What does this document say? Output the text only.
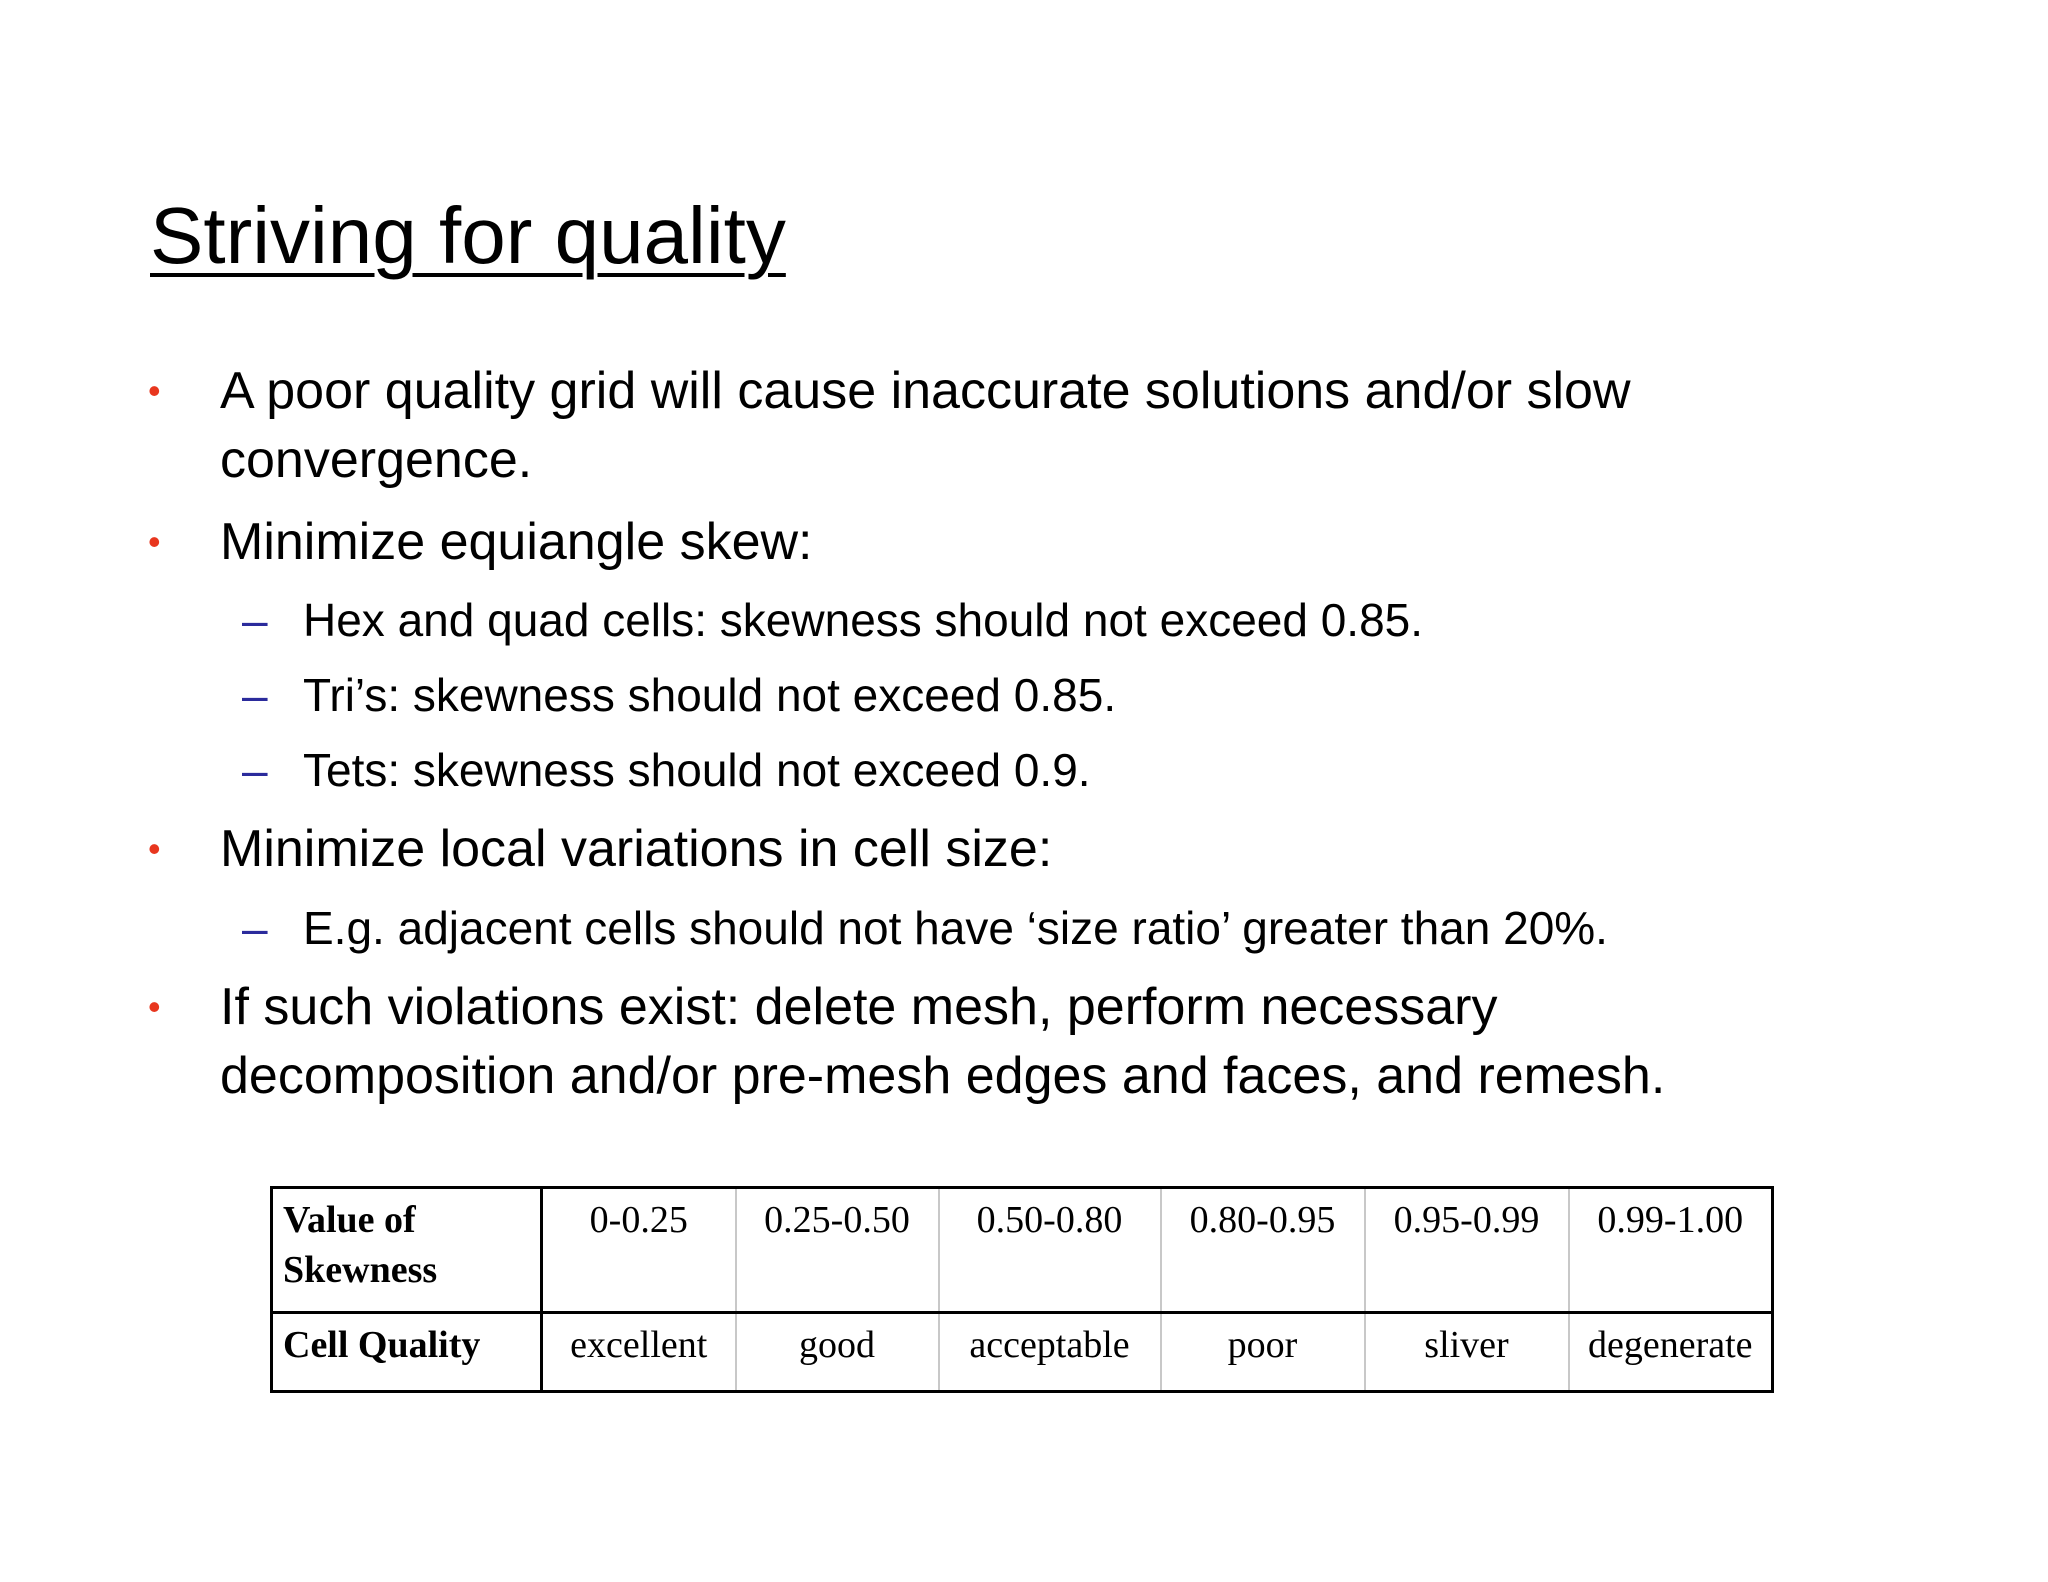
Striving for quality
• A poor quality grid will cause inaccurate solutions and/or slow
convergence.
• Minimize equiangle skew:
– Hex and quad cells: skewness should not exceed 0.85.
– Tri’s: skewness should not exceed 0.85.
– Tets: skewness should not exceed 0.9.
• Minimize local variations in cell size:
– E.g. adjacent cells should not have ‘size ratio’ greater than 20%.
• If such violations exist: delete mesh, perform necessary
decomposition and/or pre-mesh edges and faces, and remesh.
Value of Skewness	0-0.25	0.25-0.50	0.50-0.80	0.80-0.95	0.95-0.99	0.99-1.00
Cell Quality	excellent	good	acceptable	poor	sliver	degenerate
